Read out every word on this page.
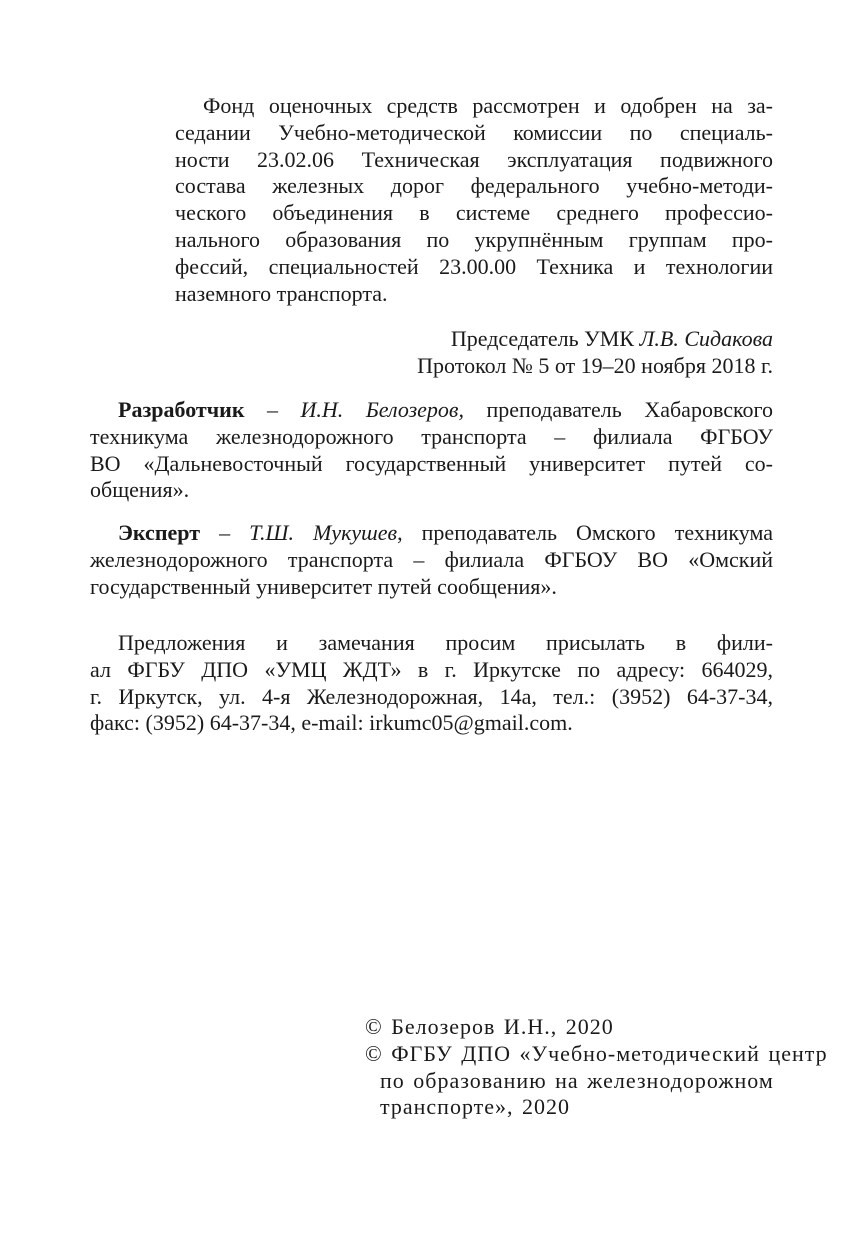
Фонд оценочных средств рассмотрен и одобрен на за-
седании Учебно-методической комиссии по специаль-
ности 23.02.06 Техническая эксплуатация подвижного
состава железных дорог федерального учебно-методи-
ческого объединения в системе среднего профессио-
нального образования по укрупнённым группам про-
фессий, специальностей 23.00.00 Техника и технологии
наземного транспорта.
Председатель УМК Л.В. Сидакова
Протокол № 5 от 19–20 ноября 2018 г.
Разработчик – И.Н. Белозеров, преподаватель Хабаровского
техникума железнодорожного транспорта – филиала ФГБОУ
ВО «Дальневосточный государственный университет путей со-
общения».
Эксперт – Т.Ш. Мукушев, преподаватель Омского техникума
железнодорожного транспорта – филиала ФГБОУ ВО «Омский
государственный университет путей сообщения».
Предложения и замечания просим присылать в фили-
ал ФГБУ ДПО «УМЦ ЖДТ» в г. Иркутске по адресу: 664029,
г. Иркутск, ул. 4-я Железнодорожная, 14а, тел.: (3952) 64-37-34,
факс: (3952) 64-37-34, e-mail: irkumc05@gmail.com.
© Белозеров И.Н., 2020
© ФГБУ ДПО «Учебно-методический центр
по образованию на железнодорожном
транспорте», 2020
